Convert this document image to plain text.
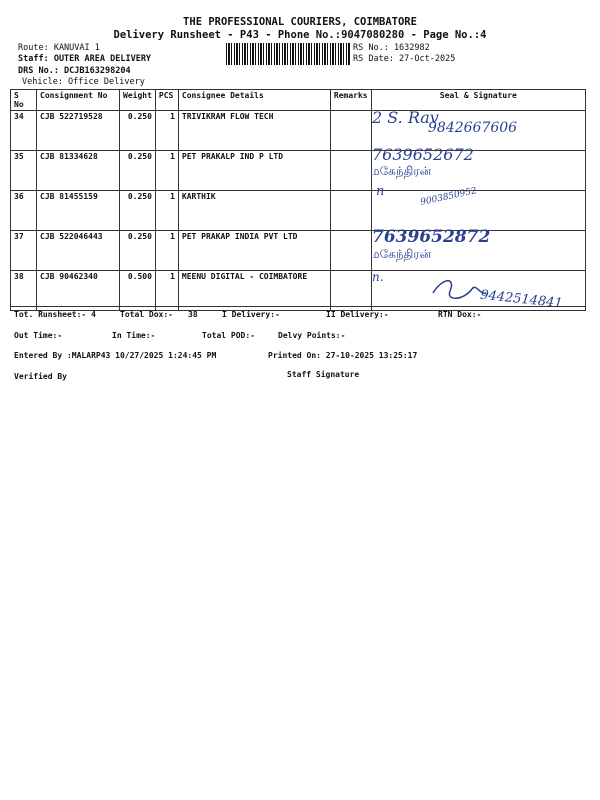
THE PROFESSIONAL COURIERS, COIMBATORE
Delivery Runsheet - P43 - Phone No.:9047080280 - Page No.:4
Route: KANUVAI 1
Staff: OUTER AREA DELIVERY
DRS No.: DCJB163298204
Vehicle: Office Delivery
RS No.: 1632982
RS Date: 27-Oct-2025
S No	Consignment No	Weight	PCS	Consignee Details	Remarks	Seal & Signature
34	CJB 522719528	0.250	1	TRIVIKRAM FLOW TECH		
35	CJB 81334628	0.250	1	PET PRAKALP IND P LTD		
36	CJB 81455159	0.250	1	KARTHIK		
37	CJB 522046443	0.250	1	PET PRAKAP INDIA PVT LTD		
38	CJB 90462340	0.500	1	MEENU DIGITAL - COIMBATORE		
2 S. Rav
9842667606
7639652672
மகேந்திரன்
n	9003850952
7639652872
மகேந்திரன்
n.
9442514841
Tot. Runsheet:- 4	Total Dox:- 38	I Delivery:-	II Delivery:-	RTN Dox:-
Out Time:-	In Time:-	Total POD:-	Delvy Points:-
Entered By :MALARP43 10/27/2025 1:24:45 PM	Printed On: 27-10-2025 13:25:17
Verified By	Staff Signature
